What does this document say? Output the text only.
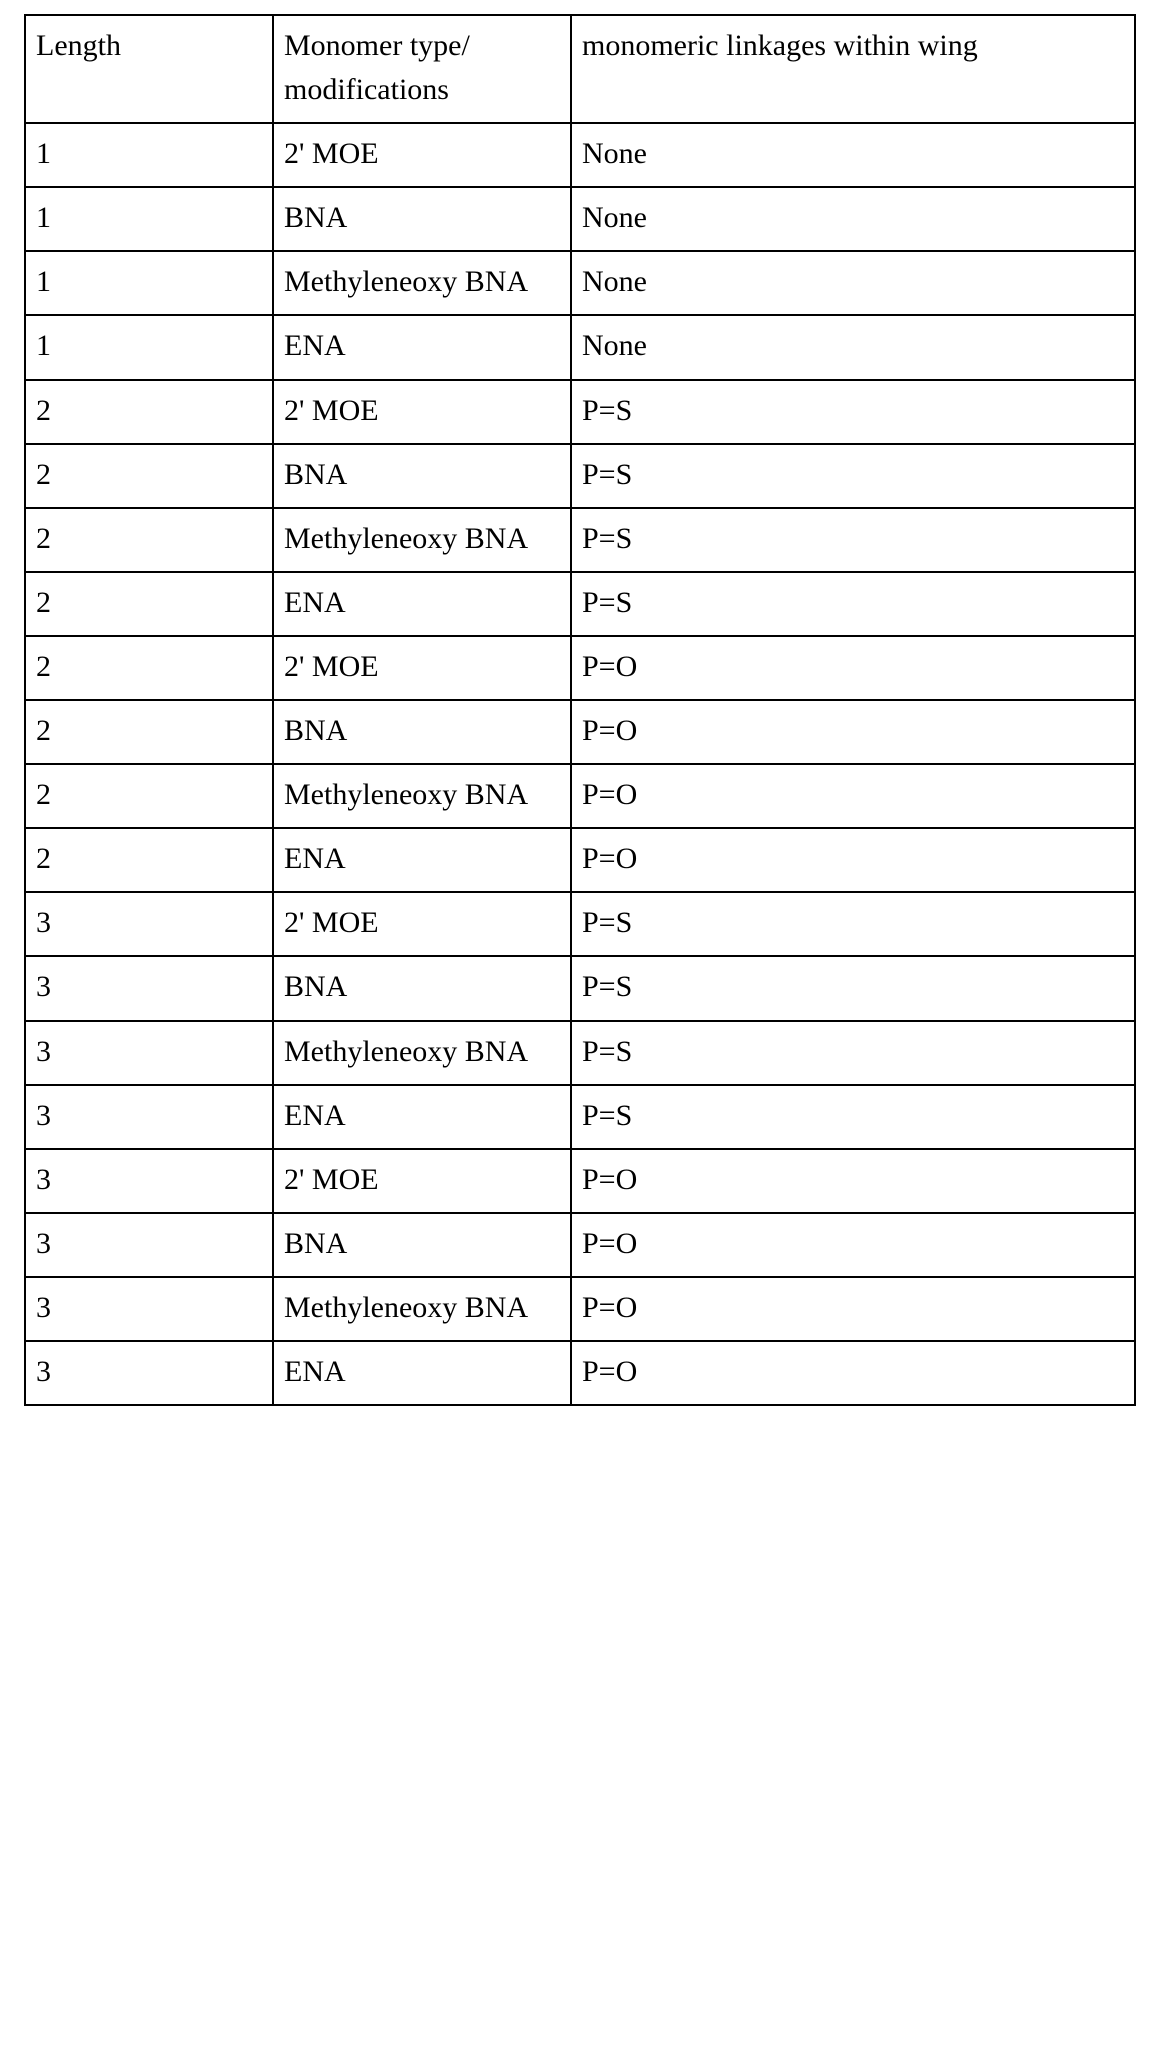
Length	Monomer type/ modifications	monomeric linkages within wing

1	2' MOE	None
1	BNA	None
1	Methyleneoxy BNA	None
1	ENA	None
2	2' MOE	P=S
2	BNA	P=S
2	Methyleneoxy BNA	P=S
2	ENA	P=S
2	2' MOE	P=O
2	BNA	P=O
2	Methyleneoxy BNA	P=O
2	ENA	P=O
3	2' MOE	P=S
3	BNA	P=S
3	Methyleneoxy BNA	P=S
3	ENA	P=S
3	2' MOE	P=O
3	BNA	P=O
3	Methyleneoxy BNA	P=O
3	ENA	P=O
